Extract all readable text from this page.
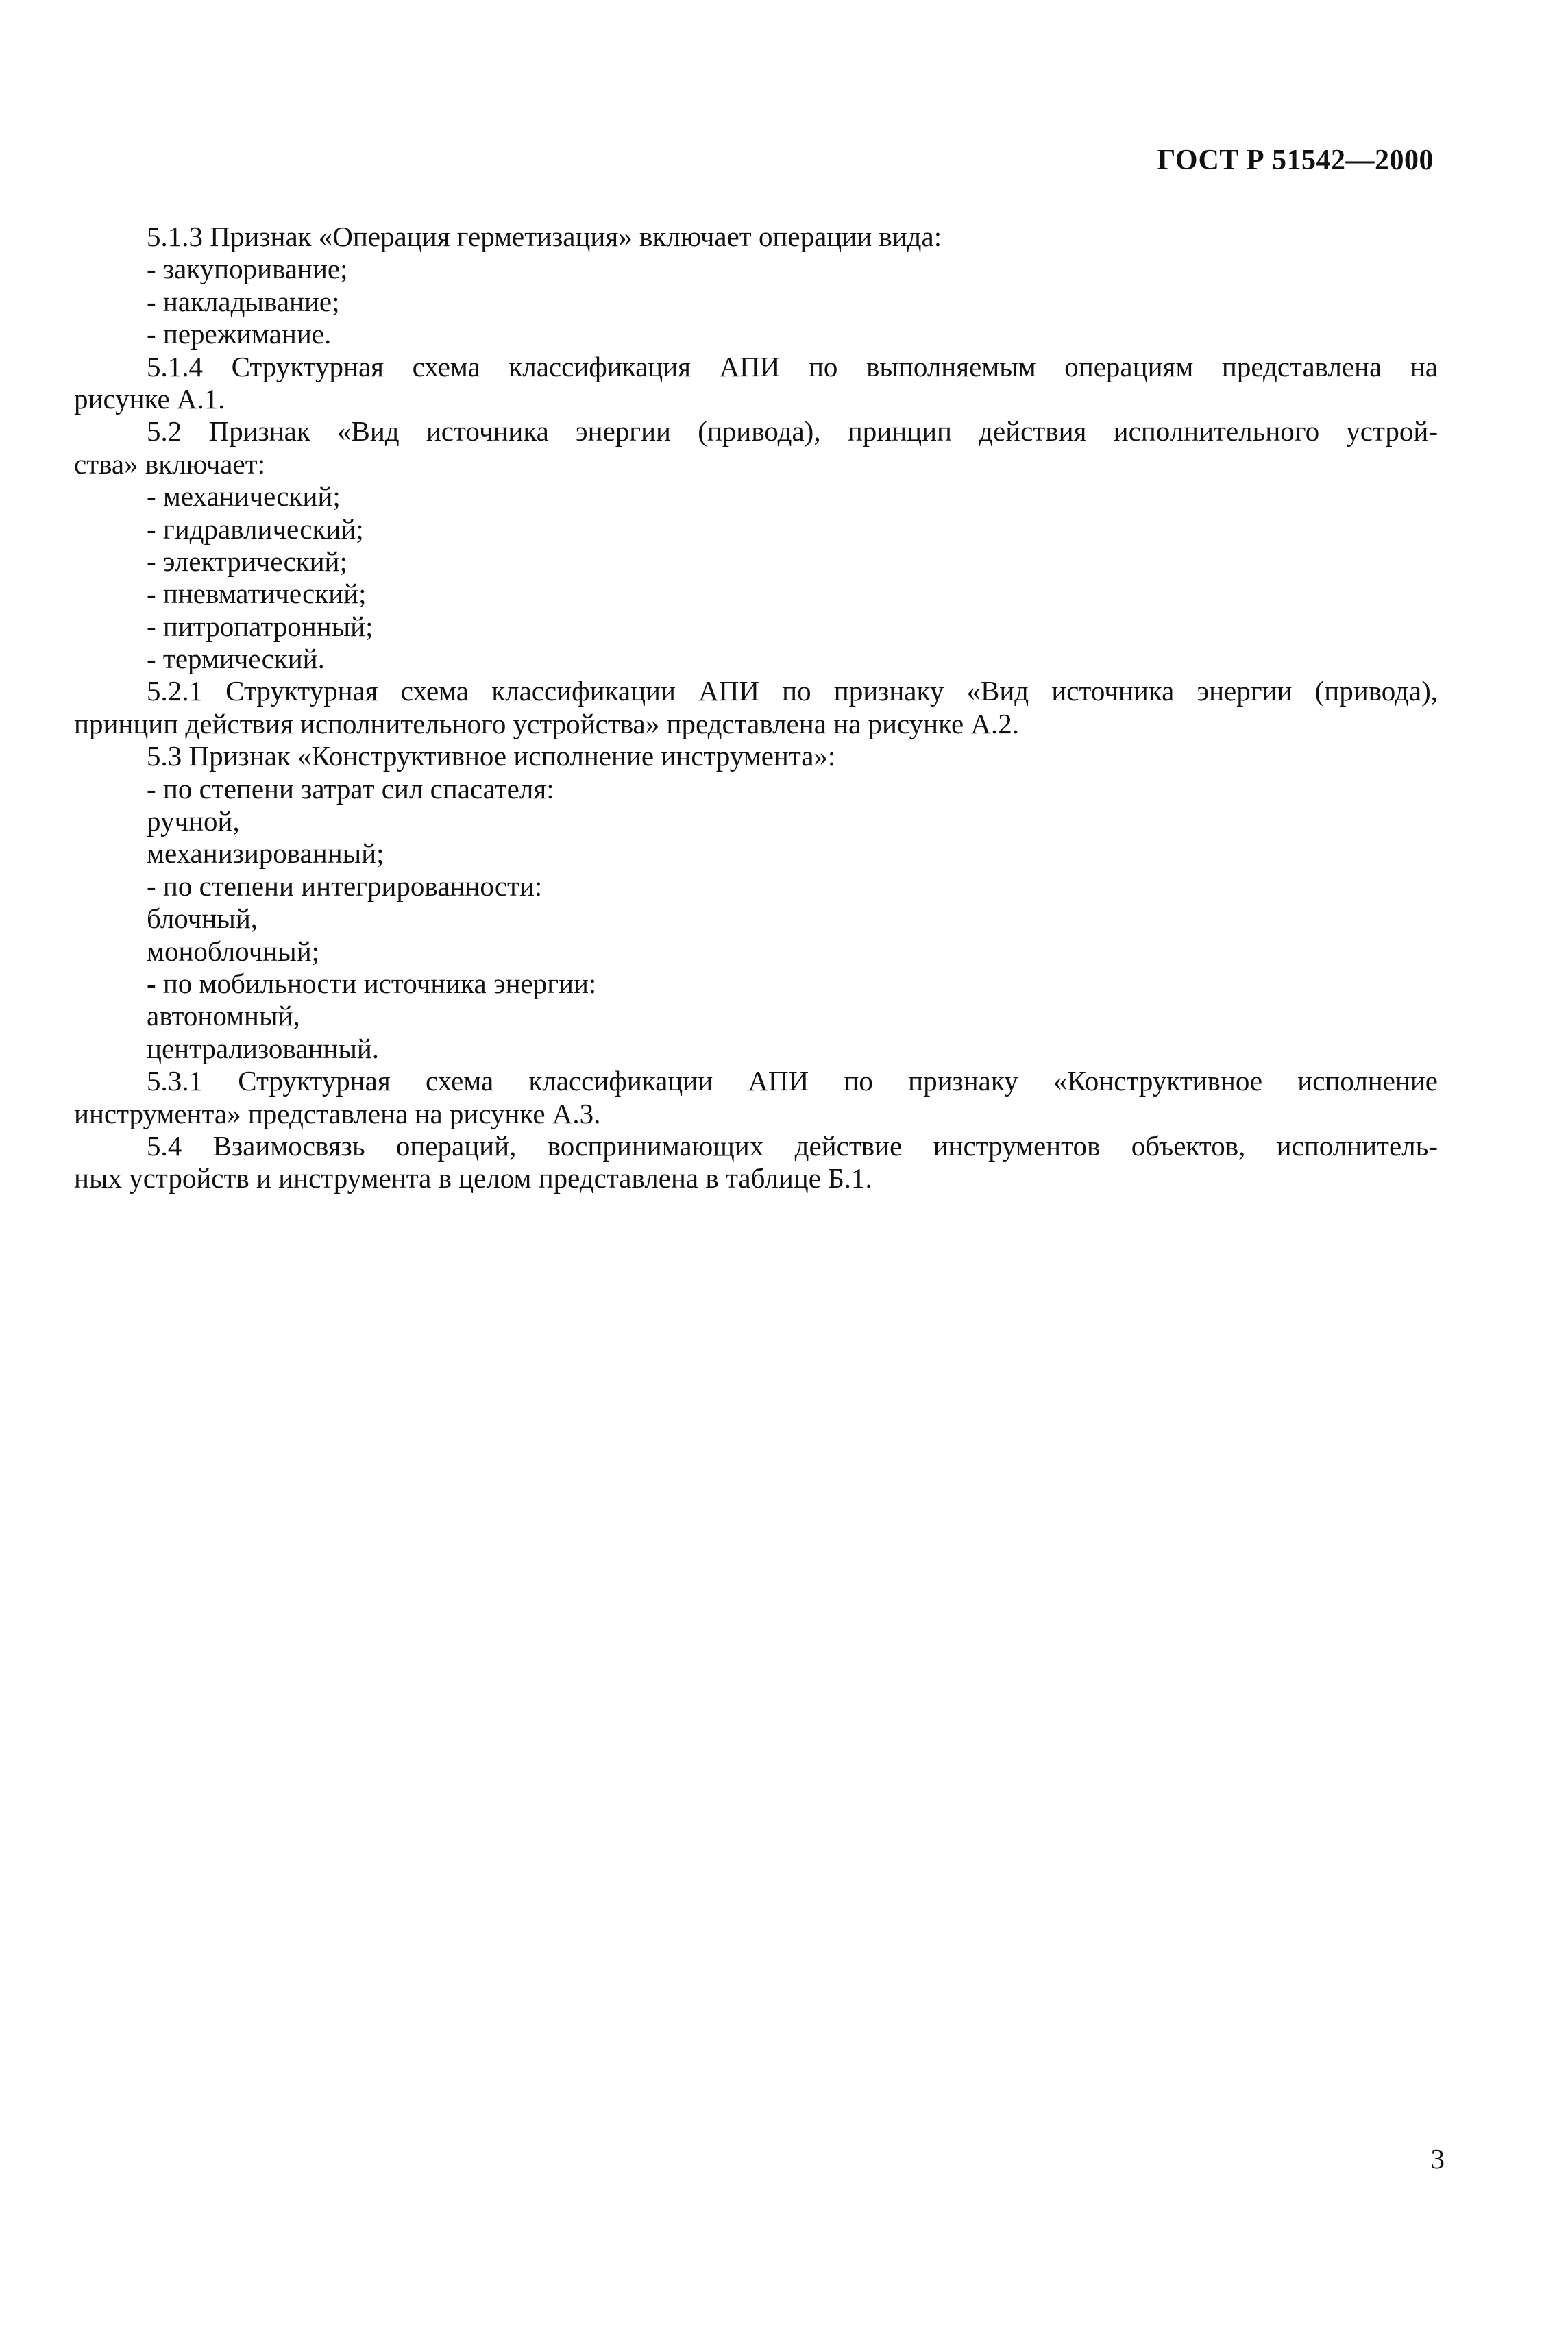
ГОСТ Р 51542—2000
5.1.3 Признак «Операция герметизация» включает операции вида:
- закупоривание;
- накладывание;
- пережимание.
5.1.4 Структурная схема классификация АПИ по выполняемым операциям представлена на
рисунке А.1.
5.2 Признак «Вид источника энергии (привода), принцип действия исполнительного устрой-
ства» включает:
- механический;
- гидравлический;
- электрический;
- пневматический;
- питропатронный;
- термический.
5.2.1 Структурная схема классификации АПИ по признаку «Вид источника энергии (привода),
принцип действия исполнительного устройства» представлена на рисунке А.2.
5.3 Признак «Конструктивное исполнение инструмента»:
- по степени затрат сил спасателя:
ручной,
механизированный;
- по степени интегрированности:
блочный,
моноблочный;
- по мобильности источника энергии:
автономный,
централизованный.
5.3.1 Структурная схема классификации АПИ по признаку «Конструктивное исполнение
инструмента» представлена на рисунке А.3.
5.4 Взаимосвязь операций, воспринимающих действие инструментов объектов, исполнитель-
ных устройств и инструмента в целом представлена в таблице Б.1.
3
